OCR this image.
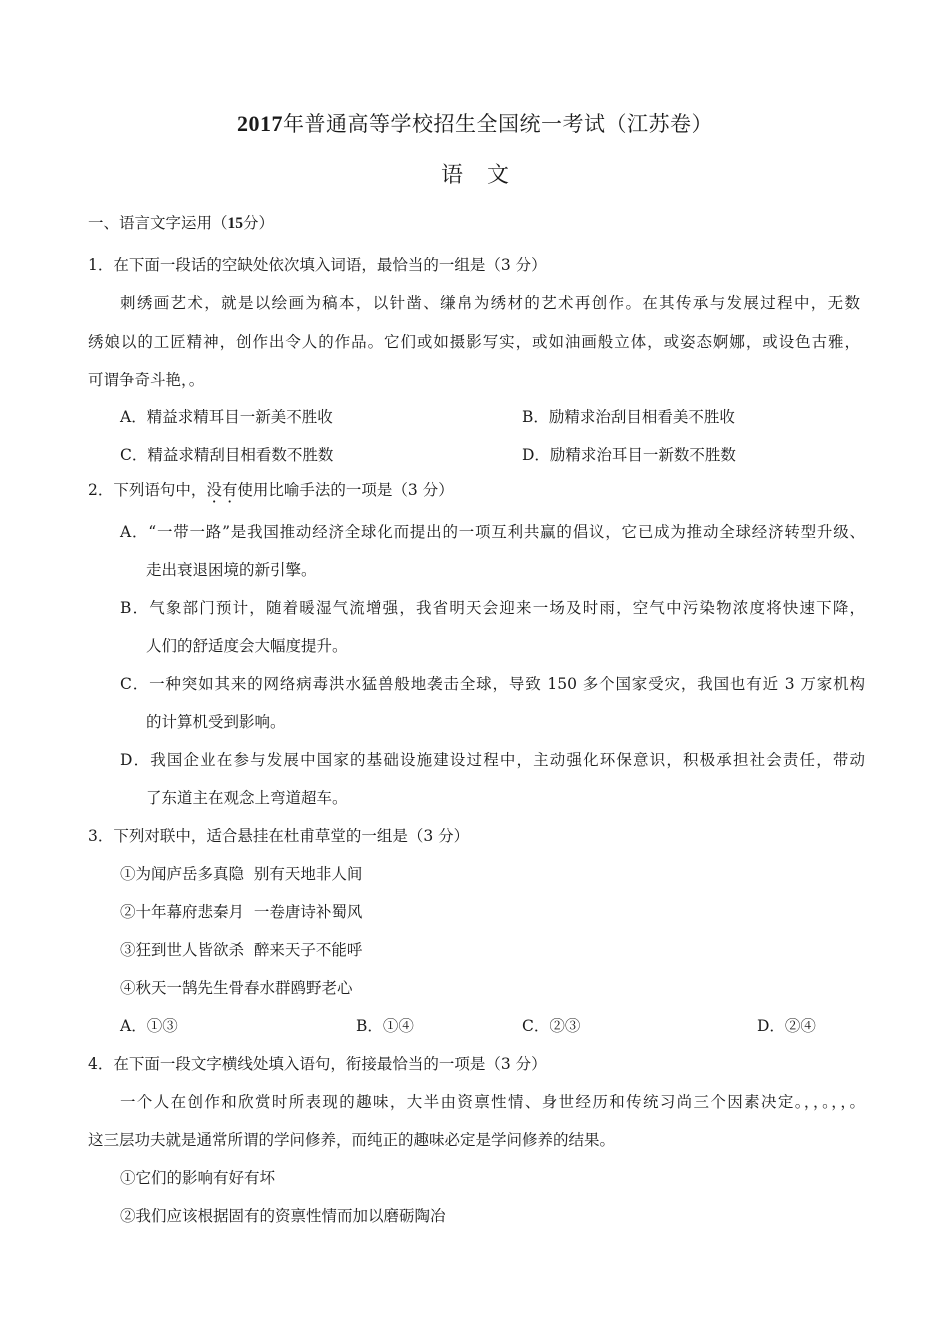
2017年普通高等学校招生全国统一考试（江苏卷）
语文
一、语言文字运用（15分）
1．在下面一段话的空缺处依次填入词语，最恰当的一组是（3 分）
刺绣画艺术，就是以绘画为稿本，以针凿、缣帛为绣材的艺术再创作。在其传承与发展过程中，无数
绣娘以的工匠精神，创作出令人的作品。它们或如摄影写实，或如油画般立体，或姿态婀娜，或设色古雅，
可谓争奇斗艳，。
A．精益求精耳目一新美不胜收	B．励精求治刮目相看美不胜收
C．精益求精刮目相看数不胜数	D．励精求治耳目一新数不胜数
2．下列语句中，没有使用比喻手法的一项是（3 分）
A．“一带一路”是我国推动经济全球化而提出的一项互利共赢的倡议，它已成为推动全球经济转型升级、
走出衰退困境的新引擎。
B．气象部门预计，随着暖湿气流增强，我省明天会迎来一场及时雨，空气中污染物浓度将快速下降，
人们的舒适度会大幅度提升。
C．一种突如其来的网络病毒洪水猛兽般地袭击全球，导致 150 多个国家受灾，我国也有近 3 万家机构
的计算机受到影响。
D．我国企业在参与发展中国家的基础设施建设过程中，主动强化环保意识，积极承担社会责任，带动
了东道主在观念上弯道超车。
3．下列对联中，适合悬挂在杜甫草堂的一组是（3 分）
①为闻庐岳多真隐  别有天地非人间
②十年幕府悲秦月  一卷唐诗补蜀风
③狂到世人皆欲杀  醉来天子不能呼
④秋天一鹄先生骨春水群鸥野老心
A．①③	B．①④	C．②③	D．②④
4．在下面一段文字横线处填入语句，衔接最恰当的一项是（3 分）
一个人在创作和欣赏时所表现的趣味，大半由资禀性情、身世经历和传统习尚三个因素决定。，，。，，。
这三层功夫就是通常所谓的学问修养，而纯正的趣味必定是学问修养的结果。
①它们的影响有好有坏
②我们应该根据固有的资禀性情而加以磨砺陶冶
